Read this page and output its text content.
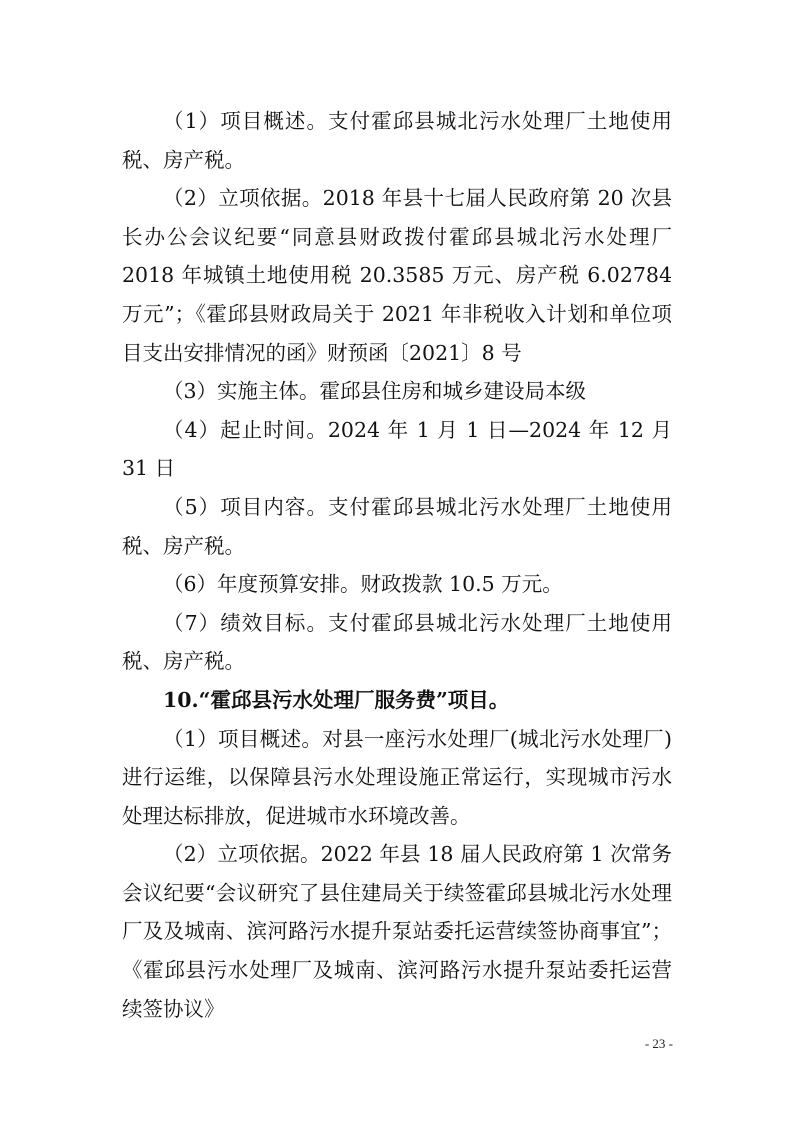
（1）项目概述。支付霍邱县城北污水处理厂土地使用税、房产税。

（2）立项依据。2018 年县十七届人民政府第 20 次县长办公会议纪要“同意县财政拨付霍邱县城北污水处理厂 2018 年城镇土地使用税 20.3585 万元、房产税 6.02784 万元”；《霍邱县财政局关于 2021 年非税收入计划和单位项目支出安排情况的函》财预函〔2021〕8 号

（3）实施主体。霍邱县住房和城乡建设局本级

（4）起止时间。2024 年 1 月 1 日—2024 年 12 月 31 日

（5）项目内容。支付霍邱县城北污水处理厂土地使用税、房产税。

（6）年度预算安排。财政拨款 10.5 万元。

（7）绩效目标。支付霍邱县城北污水处理厂土地使用税、房产税。

10.“霍邱县污水处理厂服务费”项目。

（1）项目概述。对县一座污水处理厂(城北污水处理厂) 进行运维，以保障县污水处理设施正常运行，实现城市污水处理达标排放，促进城市水环境改善。

（2）立项依据。2022 年县 18 届人民政府第 1 次常务会议纪要“会议研究了县住建局关于续签霍邱县城北污水处理厂及及城南、滨河路污水提升泵站委托运营续签协商事宜”；《霍邱县污水处理厂及城南、滨河路污水提升泵站委托运营续签协议》

- 23 -
